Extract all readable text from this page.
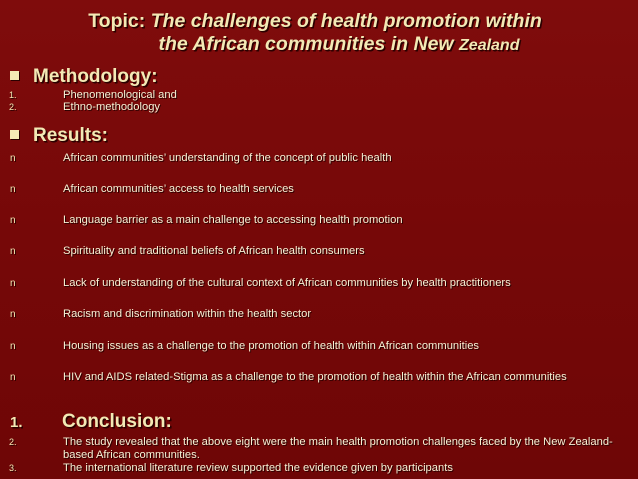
Topic: The challenges of health promotion within
the African communities in New Zealand
Methodology:
1.	Phenomenological and
2.	Ethno-methodology
Results:
n	African communities’ understanding of the concept of public health
n	African communities’ access to health services
n	Language barrier as a main challenge to accessing health promotion
n	Spirituality and traditional beliefs of African health consumers
n	Lack of understanding of the cultural context of African communities by health practitioners
n	Racism and discrimination within the health sector
n	Housing issues as a challenge to the promotion of health within African communities
n	HIV and AIDS related-Stigma as a challenge to the promotion of health within the African communities
1. Conclusion:
2.	The study revealed that the above eight were the main health promotion challenges faced by the New Zealand-based African communities.
3.	The international literature review supported the evidence given by participants
